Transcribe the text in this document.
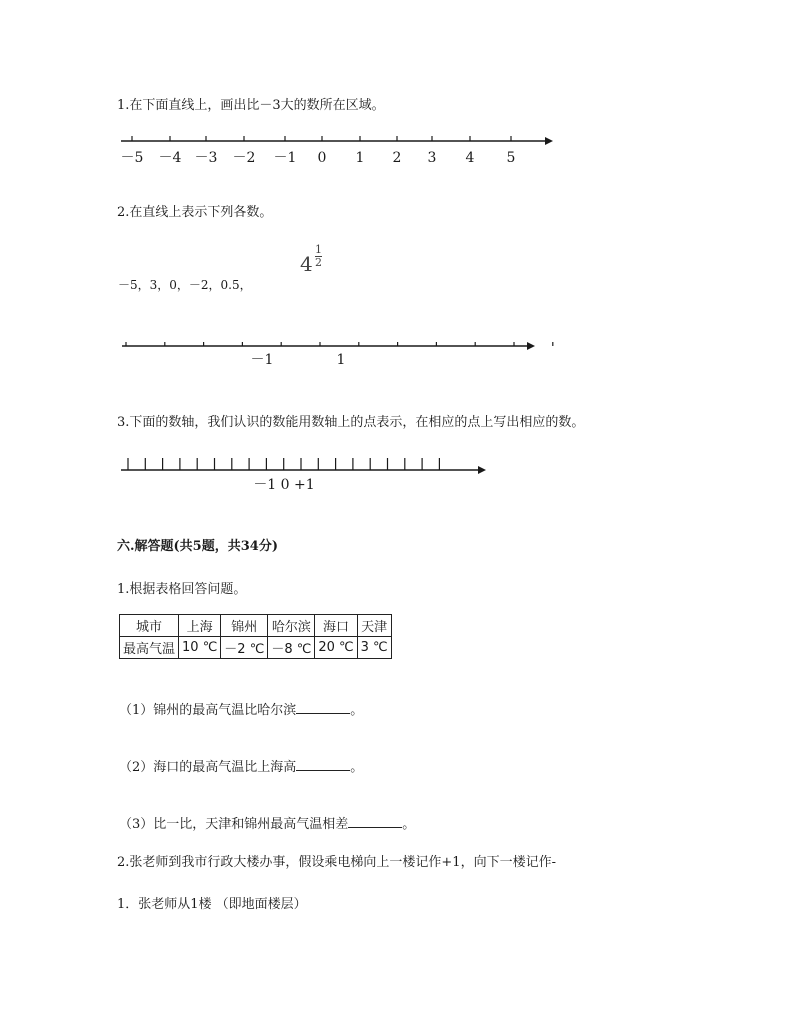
1.在下面直线上，画出比－3大的数所在区域。
－5 －4 －3 －2 －1 0 1 2 3 4 5
2.在直线上表示下列各数。
－5，3，0，－2，0.5，
$4 \frac{1}{2}$
－1	1
3.下面的数轴，我们认识的数能用数轴上的点表示，在相应的点上写出相应的数。
－1 0 +1
六.解答题(共5题，共34分)
1.根据表格回答问题。
城市	上海	锦州	哈尔滨	海口	天津
最高气温	10 ℃	－2 ℃	－8 ℃	20 ℃	3 ℃
（1）锦州的最高气温比哈尔滨	。
（2）海口的最高气温比上海高	。
（3）比一比，天津和锦州最高气温相差	。
2.张老师到我市行政大楼办事，假设乘电梯向上一楼记作+1，向下一楼记作-
1．张老师从1楼 （即地面楼层）
